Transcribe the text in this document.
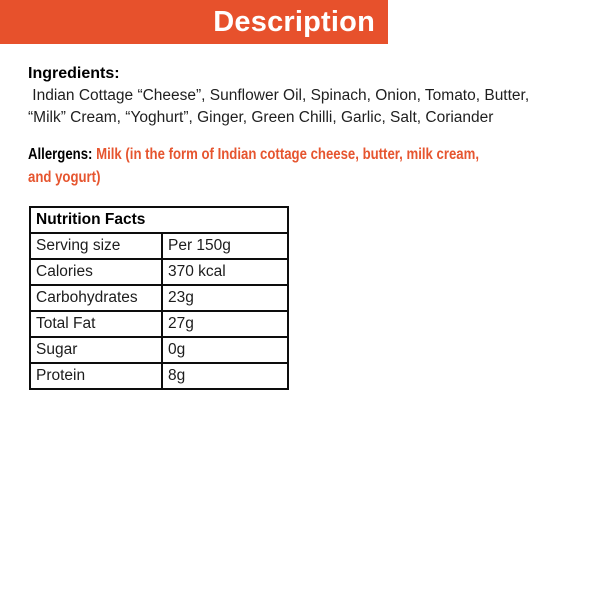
Description
Ingredients:
Indian Cottage “Cheese”, Sunflower Oil, Spinach, Onion, Tomato, Butter,
“Milk” Cream, “Yoghurt”, Ginger, Green Chilli, Garlic, Salt, Coriander
Allergens: Milk (in the form of Indian cottage cheese, butter, milk cream,
and yogurt)
Nutrition Facts	
Serving size	Per 150g
Calories	370 kcal
Carbohydrates	23g
Total Fat	27g
Sugar	0g
Protein	8g
